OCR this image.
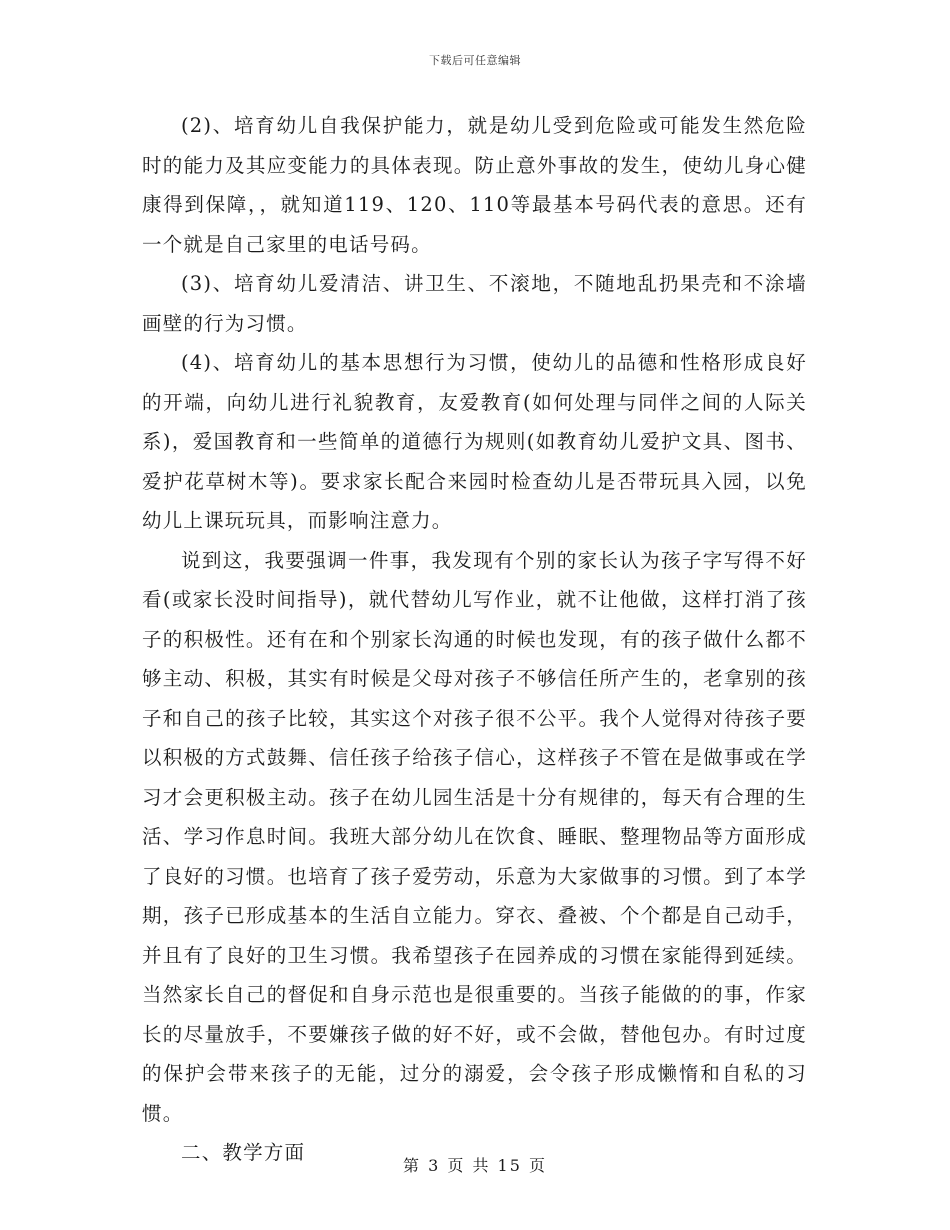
下载后可任意编辑

(2)、培育幼儿自我保护能力，就是幼儿受到危险或可能发生然危险时的能力及其应变能力的具体表现。防止意外事故的发生，使幼儿身心健康得到保障，，就知道119、120、110等最基本号码代表的意思。还有一个就是自己家里的电话号码。

(3)、培育幼儿爱清洁、讲卫生、不滚地，不随地乱扔果壳和不涂墙画壁的行为习惯。

(4)、培育幼儿的基本思想行为习惯，使幼儿的品德和性格形成良好的开端，向幼儿进行礼貌教育，友爱教育(如何处理与同伴之间的人际关系)，爱国教育和一些简单的道德行为规则(如教育幼儿爱护文具、图书、爱护花草树木等)。要求家长配合来园时检查幼儿是否带玩具入园，以免幼儿上课玩玩具，而影响注意力。

说到这，我要强调一件事，我发现有个别的家长认为孩子字写得不好看(或家长没时间指导)，就代替幼儿写作业，就不让他做，这样打消了孩子的积极性。还有在和个别家长沟通的时候也发现，有的孩子做什么都不够主动、积极，其实有时候是父母对孩子不够信任所产生的，老拿别的孩子和自己的孩子比较，其实这个对孩子很不公平。我个人觉得对待孩子要以积极的方式鼓舞、信任孩子给孩子信心，这样孩子不管在是做事或在学习才会更积极主动。孩子在幼儿园生活是十分有规律的，每天有合理的生活、学习作息时间。我班大部分幼儿在饮食、睡眠、整理物品等方面形成了良好的习惯。也培育了孩子爱劳动，乐意为大家做事的习惯。到了本学期，孩子已形成基本的生活自立能力。穿衣、叠被、个个都是自己动手，并且有了良好的卫生习惯。我希望孩子在园养成的习惯在家能得到延续。当然家长自己的督促和自身示范也是很重要的。当孩子能做的的事，作家长的尽量放手，不要嫌孩子做的好不好，或不会做，替他包办。有时过度的保护会带来孩子的无能，过分的溺爱，会令孩子形成懒惰和自私的习惯。

二、教学方面

第 3 页 共 15 页
